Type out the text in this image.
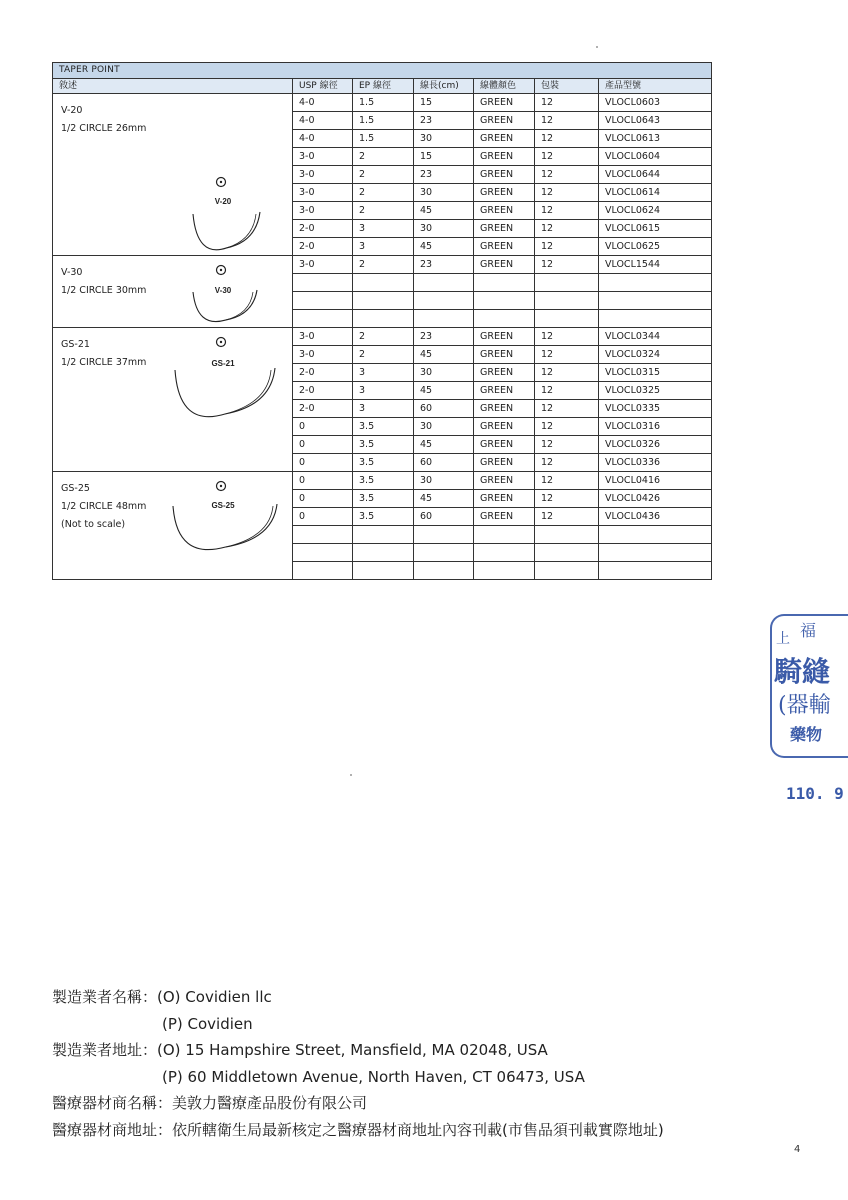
TAPER POINT						
敘述	USP 線徑	EP 線徑	線長(cm)	線體顏色	包裝	產品型號

V-20
1/2 CIRCLE 26mm
V-20	4-0	1.5	15	GREEN	12	VLOCL0603
	4-0	1.5	23	GREEN	12	VLOCL0643
	4-0	1.5	30	GREEN	12	VLOCL0613
	3-0	2	15	GREEN	12	VLOCL0604
	3-0	2	23	GREEN	12	VLOCL0644
	3-0	2	30	GREEN	12	VLOCL0614
	3-0	2	45	GREEN	12	VLOCL0624
	2-0	3	30	GREEN	12	VLOCL0615
	2-0	3	45	GREEN	12	VLOCL0625

V-30
1/2 CIRCLE 30mm V-30	3-0	2	23	GREEN	12	VLOCL1544

GS-21
1/2 CIRCLE 37mm GS-21	3-0	2	23	GREEN	12	VLOCL0344
	3-0	2	45	GREEN	12	VLOCL0324
	2-0	3	30	GREEN	12	VLOCL0315
	2-0	3	45	GREEN	12	VLOCL0325
	2-0	3	60	GREEN	12	VLOCL0335
	0	3.5	30	GREEN	12	VLOCL0316
	0	3.5	45	GREEN	12	VLOCL0326
	0	3.5	60	GREEN	12	VLOCL0336

GS-25
1/2 CIRCLE 48mm
(Not to scale)
GS-25	0	3.5	30	GREEN	12	VLOCL0416
	0	3.5	45	GREEN	12	VLOCL0426
	0	3.5	60	GREEN	12	VLOCL0436

上 福
騎縫
(器輸
藥物
110. 9
製造業者名稱：(O) Covidien llc
(P) Covidien
製造業者地址：(O) 15 Hampshire Street, Mansfield, MA 02048, USA
(P) 60 Middletown Avenue, North Haven, CT 06473, USA
醫療器材商名稱：美敦力醫療產品股份有限公司
醫療器材商地址：依所轄衛生局最新核定之醫療器材商地址內容刊載(市售品須刊載實際地址)
4
